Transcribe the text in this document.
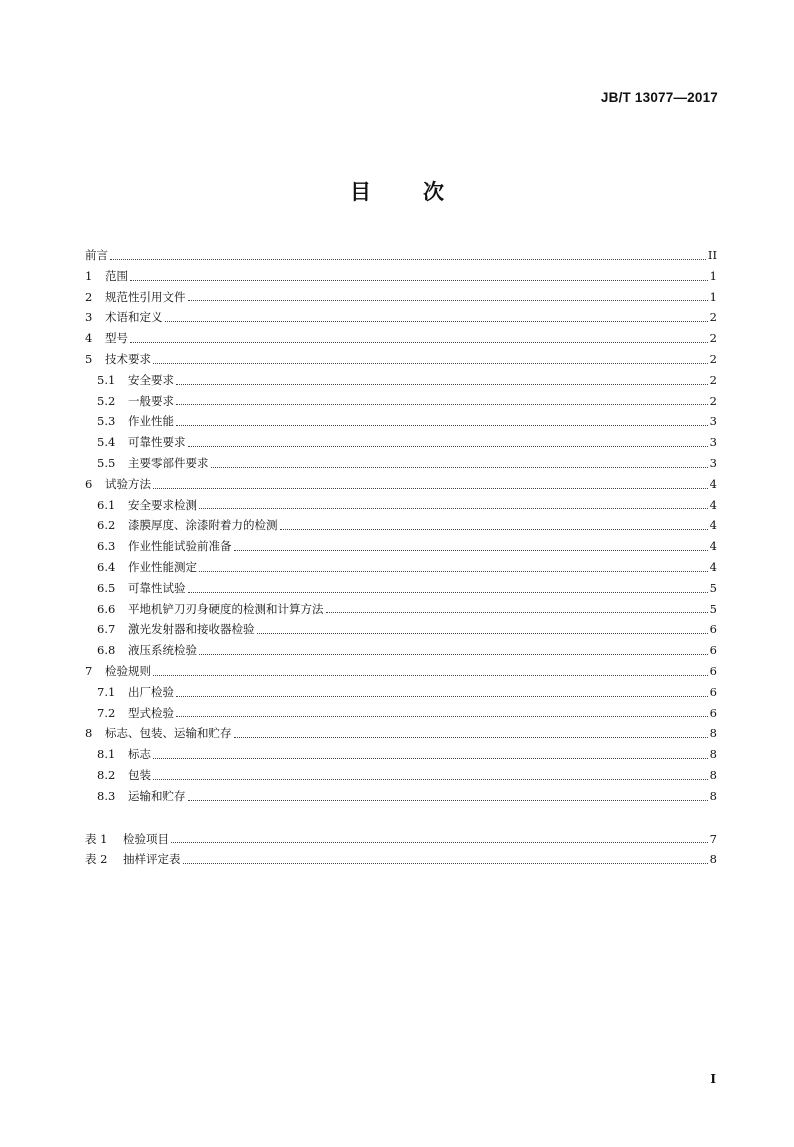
JB/T 13077—2017
目 次
前言	II
1	范围	1
2	规范性引用文件	1
3	术语和定义	2
4	型号	2
5	技术要求	2
5.1	安全要求	2
5.2	一般要求	2
5.3	作业性能	3
5.4	可靠性要求	3
5.5	主要零部件要求	3
6	试验方法	4
6.1	安全要求检测	4
6.2	漆膜厚度、涂漆附着力的检测	4
6.3	作业性能试验前准备	4
6.4	作业性能测定	4
6.5	可靠性试验	5
6.6	平地机铲刀刃身硬度的检测和计算方法	5
6.7	激光发射器和接收器检验	6
6.8	液压系统检验	6
7	检验规则	6
7.1	出厂检验	6
7.2	型式检验	6
8	标志、包装、运输和贮存	8
8.1	标志	8
8.2	包装	8
8.3	运输和贮存	8
表 1	检验项目	7
表 2	抽样评定表	8
I
